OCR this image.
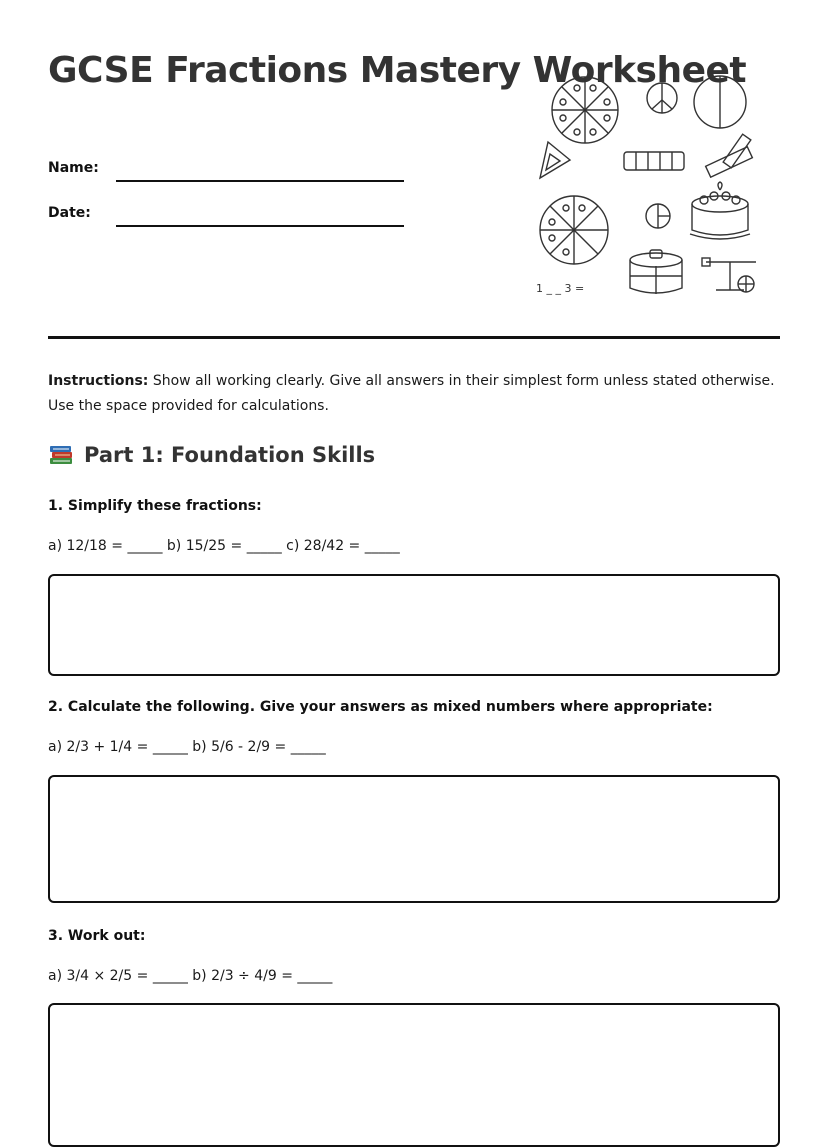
GCSE Fractions Mastery Worksheet
Name:
Date:
1 _ _ 3 =

Instructions: Show all working clearly. Give all answers in their simplest form unless stated otherwise. Use the space provided for calculations.

Part 1: Foundation Skills

1. Simplify these fractions:

a) 12/18 = _____ b) 15/25 = _____ c) 28/42 = _____

2. Calculate the following. Give your answers as mixed numbers where appropriate:

a) 2/3 + 1/4 = _____ b) 5/6 - 2/9 = _____

3. Work out:

a) 3/4 × 2/5 = _____ b) 2/3 ÷ 4/9 = _____
